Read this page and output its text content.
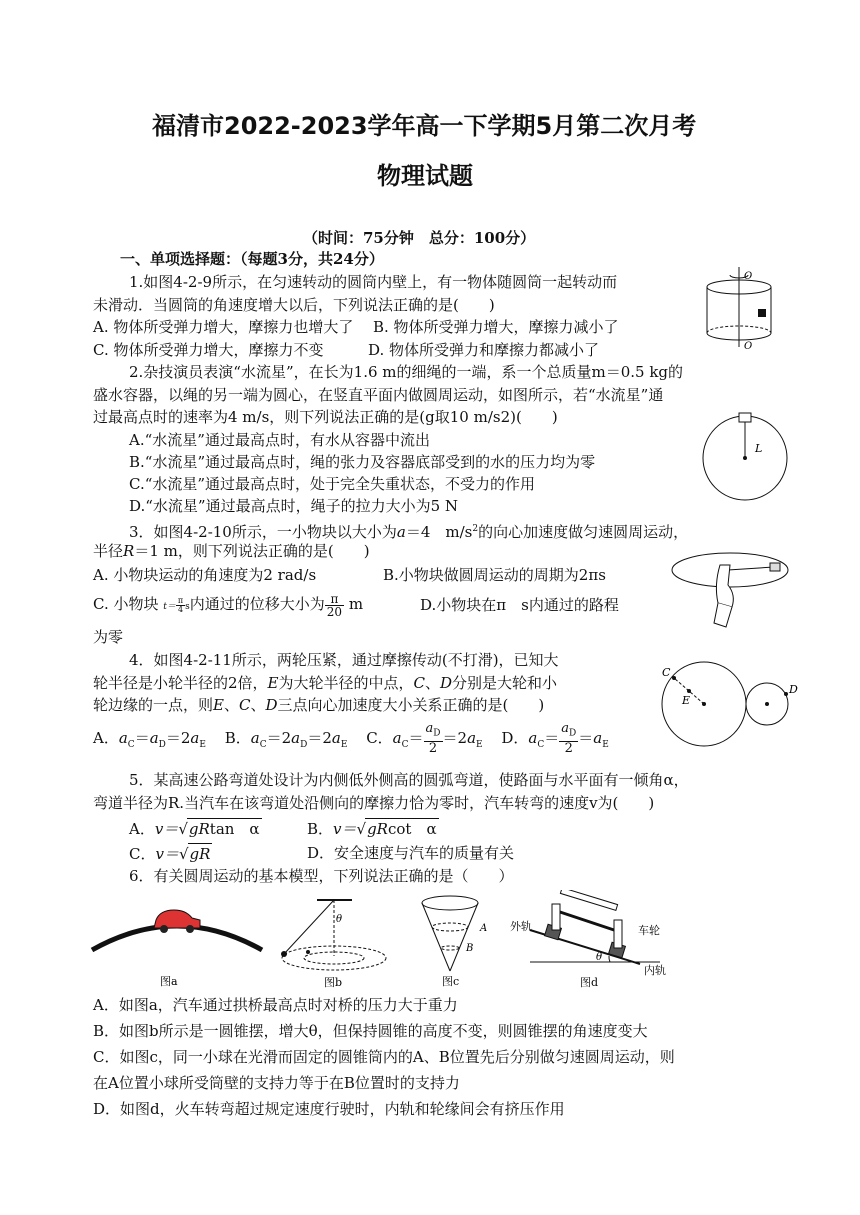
福清市2022-2023学年高一下学期5月第二次月考
物理试题
（时间：75分钟　总分：100分）
一、单项选择题：（每题3分，共24分）
1.如图4-2-9所示，在匀速转动的圆筒内壁上，有一物体随圆筒一起转动而
未滑动．当圆筒的角速度增大以后，下列说法正确的是(　　)
A. 物体所受弹力增大，摩擦力也增大了 B. 物体所受弹力增大，摩擦力减小了
C. 物体所受弹力增大，摩擦力不变	D. 物体所受弹力和摩擦力都减小了
O
O
2.杂技演员表演“水流星”，在长为1.6 m的细绳的一端，系一个总质量m＝0.5 kg的
盛水容器，以绳的另一端为圆心，在竖直平面内做圆周运动，如图所示，若“水流星”通
过最高点时的速率为4 m/s，则下列说法正确的是(g取10 m/s2)(　　)
A.“水流星”通过最高点时，有水从容器中流出
B.“水流星”通过最高点时，绳的张力及容器底部受到的水的压力均为零
C.“水流星”通过最高点时，处于完全失重状态，不受力的作用
D.“水流星”通过最高点时，绳子的拉力大小为5 N
L
3．如图4-2-10所示，一小物块以大小为a＝4　$m/s^2$的向心加速度做匀速圆周运动，
半径R＝1 m，则下列说法正确的是(　　)
A. 小物块运动的角速度为2 rad/s	B.小物块做圆周运动的周期为2πs
C. 小物块 $t= \frac{\pi}{4}$ s内通过的位移大小为 $\frac{\pi}{20}$ m	D.小物块在π　s内通过的路程
为零
4．如图4-2-11所示，两轮压紧，通过摩擦传动(不打滑)，已知大
轮半径是小轮半径的2倍，E为大轮半径的中点，C、D分别是大轮和小
轮边缘的一点，则E、C、D三点向心加速度大小关系正确的是(　　)
A．$a_C=a_D=2a_E$ B．$a_C=2a_D=2a_E$ C．$a_C= \frac{a_D}{2} =2a_E$ D．$a_C= \frac{a_D}{2} =a_E$
C
E
D
5．某高速公路弯道处设计为内侧低外侧高的圆弧弯道，使路面与水平面有一倾角α，
弯道半径为R.当汽车在该弯道处沿侧向的摩擦力恰为零时，汽车转弯的速度v为(　　)
A．v＝√gRtan　α	B．v＝√gRcot　α
C．v＝√gR	D．安全速度与汽车的质量有关
6．有关圆周运动的基本模型，下列说法正确的是（　　）
图a
θ
图b
A
B
图c
外轨	车轮
内轨
θ
图d
A．如图a，汽车通过拱桥最高点时对桥的压力大于重力
B．如图b所示是一圆锥摆，增大θ，但保持圆锥的高度不变，则圆锥摆的角速度变大
C．如图c，同一小球在光滑而固定的圆锥筒内的A、B位置先后分别做匀速圆周运动，则
在A位置小球所受筒壁的支持力等于在B位置时的支持力
D．如图d，火车转弯超过规定速度行驶时，内轨和轮缘间会有挤压作用
